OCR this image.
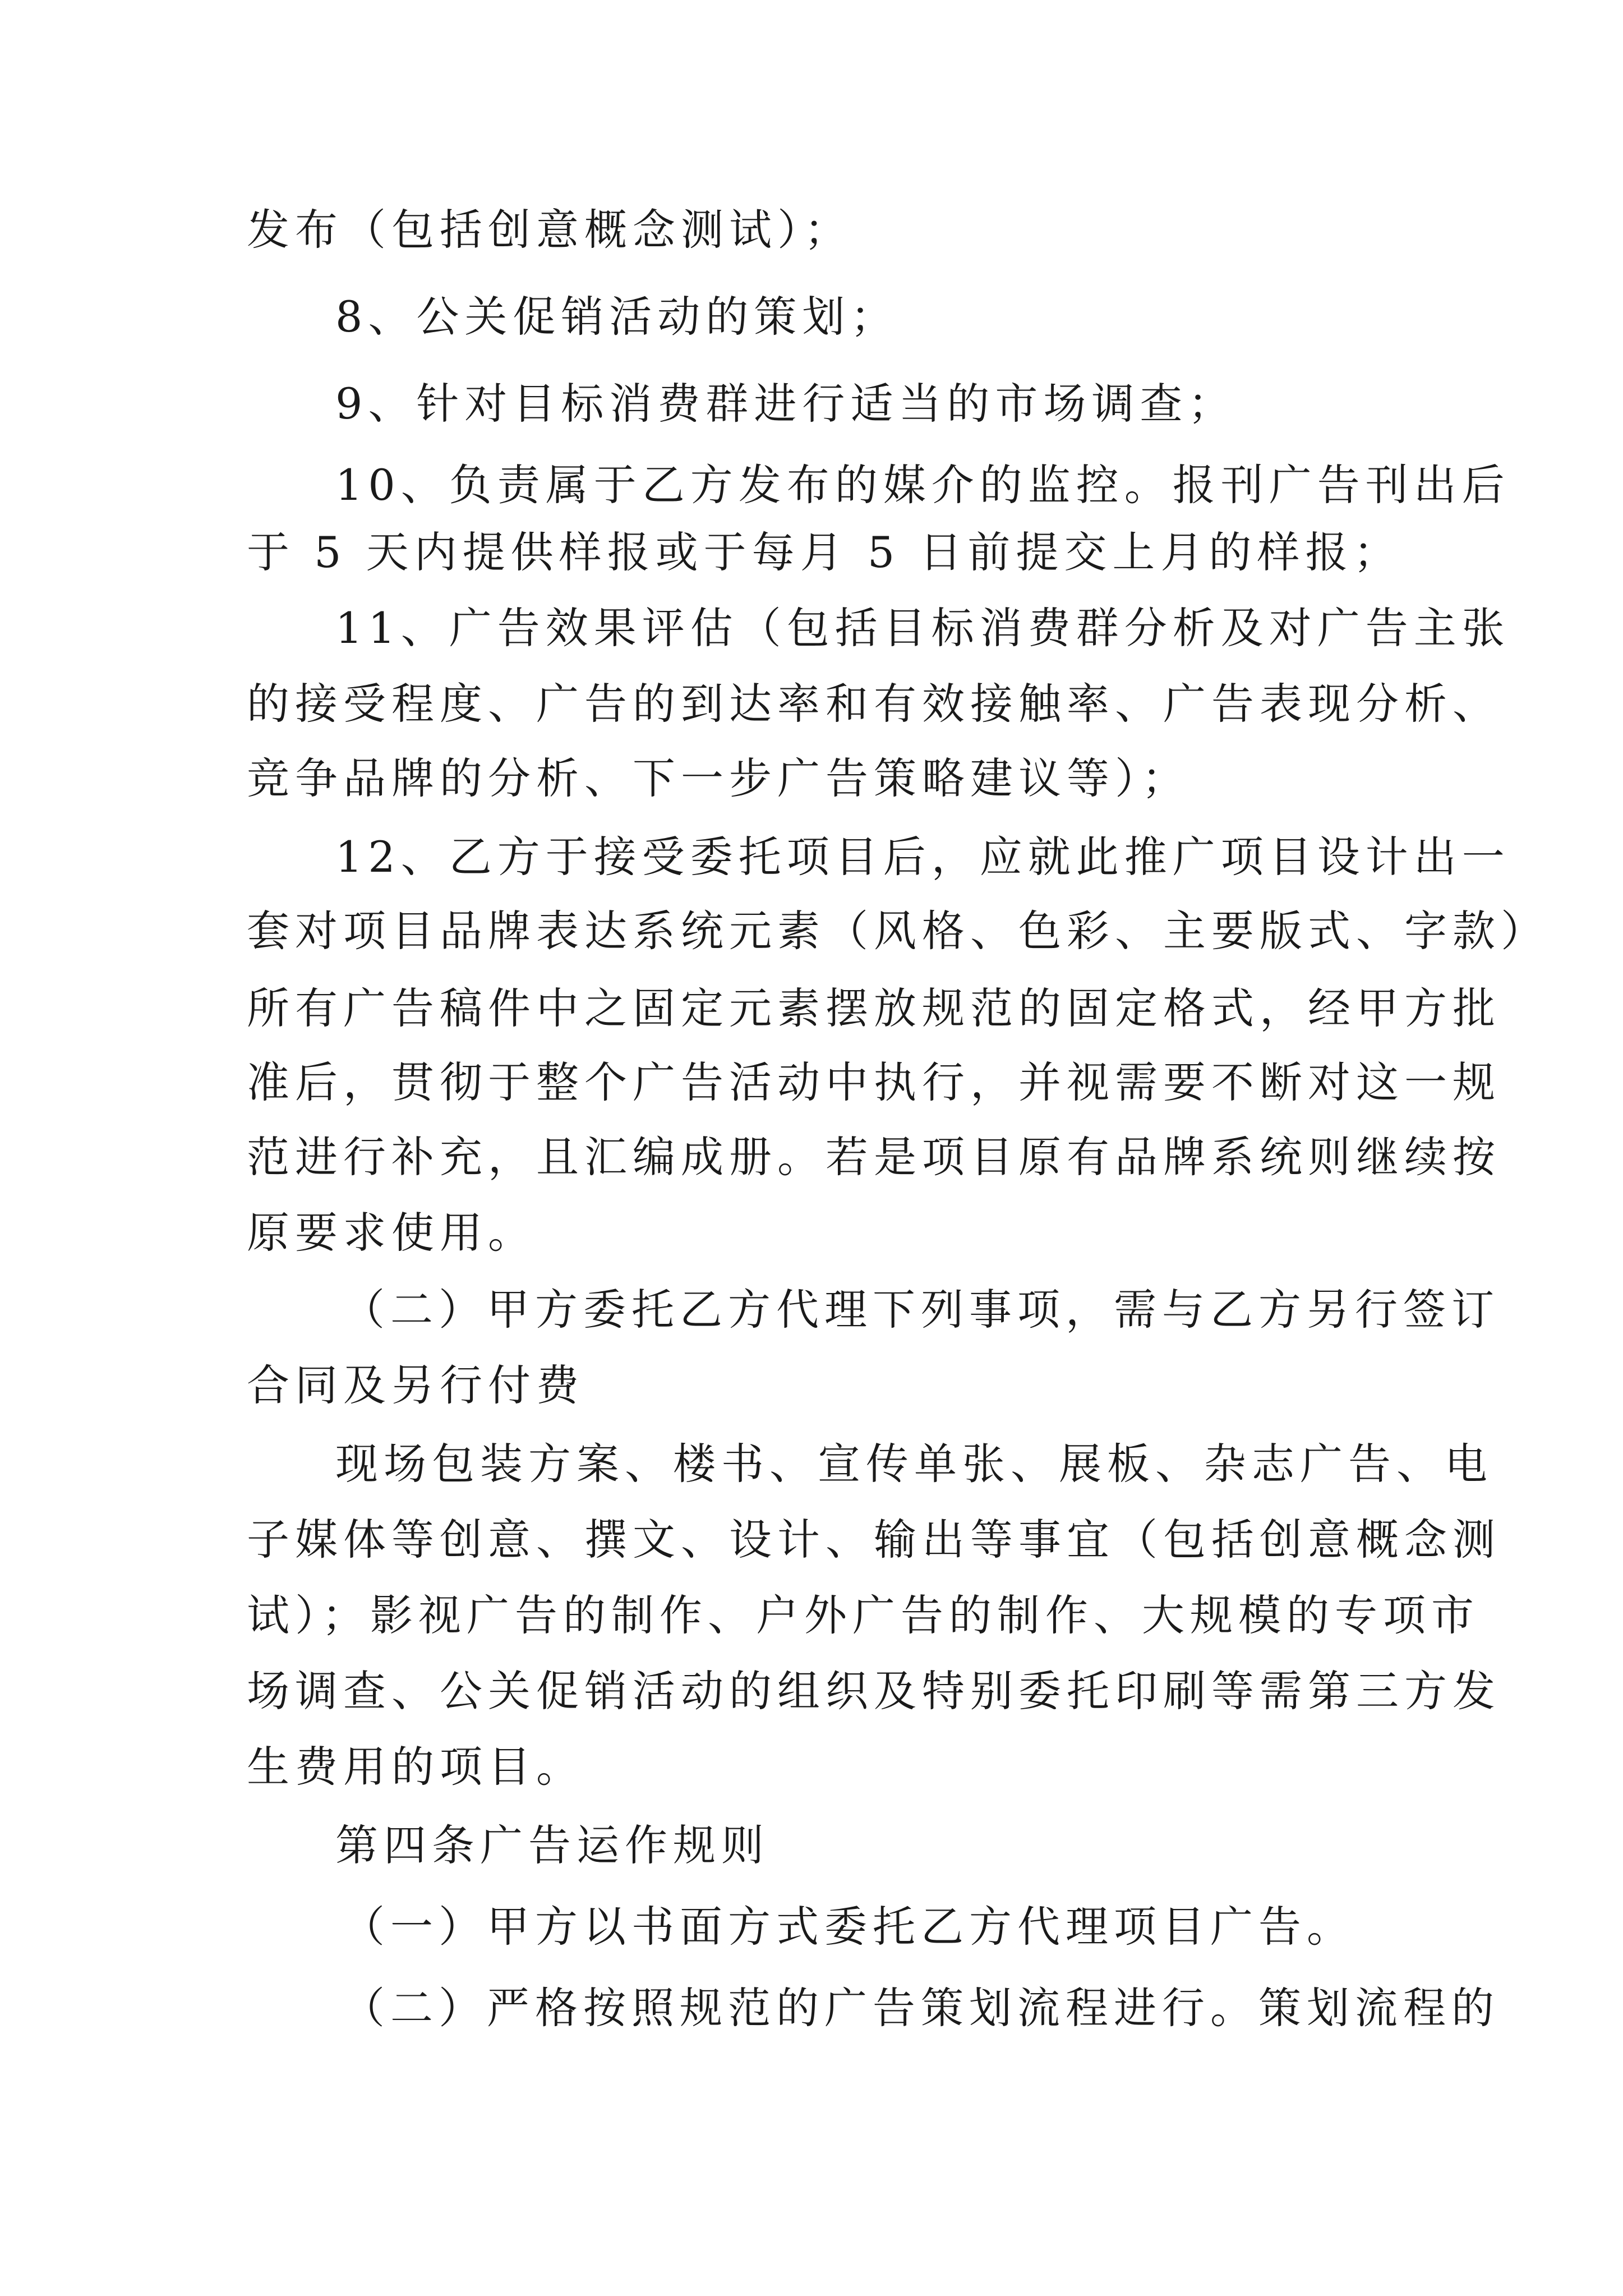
发布（包括创意概念测试）；
8、公关促销活动的策划；
9、针对目标消费群进行适当的市场调查；
10、负责属于乙方发布的媒介的监控。报刊广告刊出后
于 5 天内提供样报或于每月 5 日前提交上月的样报；
11、广告效果评估（包括目标消费群分析及对广告主张
的接受程度、广告的到达率和有效接触率、广告表现分析、
竞争品牌的分析、下一步广告策略建议等）；
12、乙方于接受委托项目后，应就此推广项目设计出一
套对项目品牌表达系统元素（风格、色彩、主要版式、字款）
所有广告稿件中之固定元素摆放规范的固定格式，经甲方批
准后，贯彻于整个广告活动中执行，并视需要不断对这一规
范进行补充，且汇编成册。若是项目原有品牌系统则继续按
原要求使用。
（二）甲方委托乙方代理下列事项，需与乙方另行签订
合同及另行付费
现场包装方案、楼书、宣传单张、展板、杂志广告、电
子媒体等创意、撰文、设计、输出等事宜（包括创意概念测
试）；影视广告的制作、户外广告的制作、大规模的专项市
场调查、公关促销活动的组织及特别委托印刷等需第三方发
生费用的项目。
第四条广告运作规则
（一）甲方以书面方式委托乙方代理项目广告。
（二）严格按照规范的广告策划流程进行。策划流程的
